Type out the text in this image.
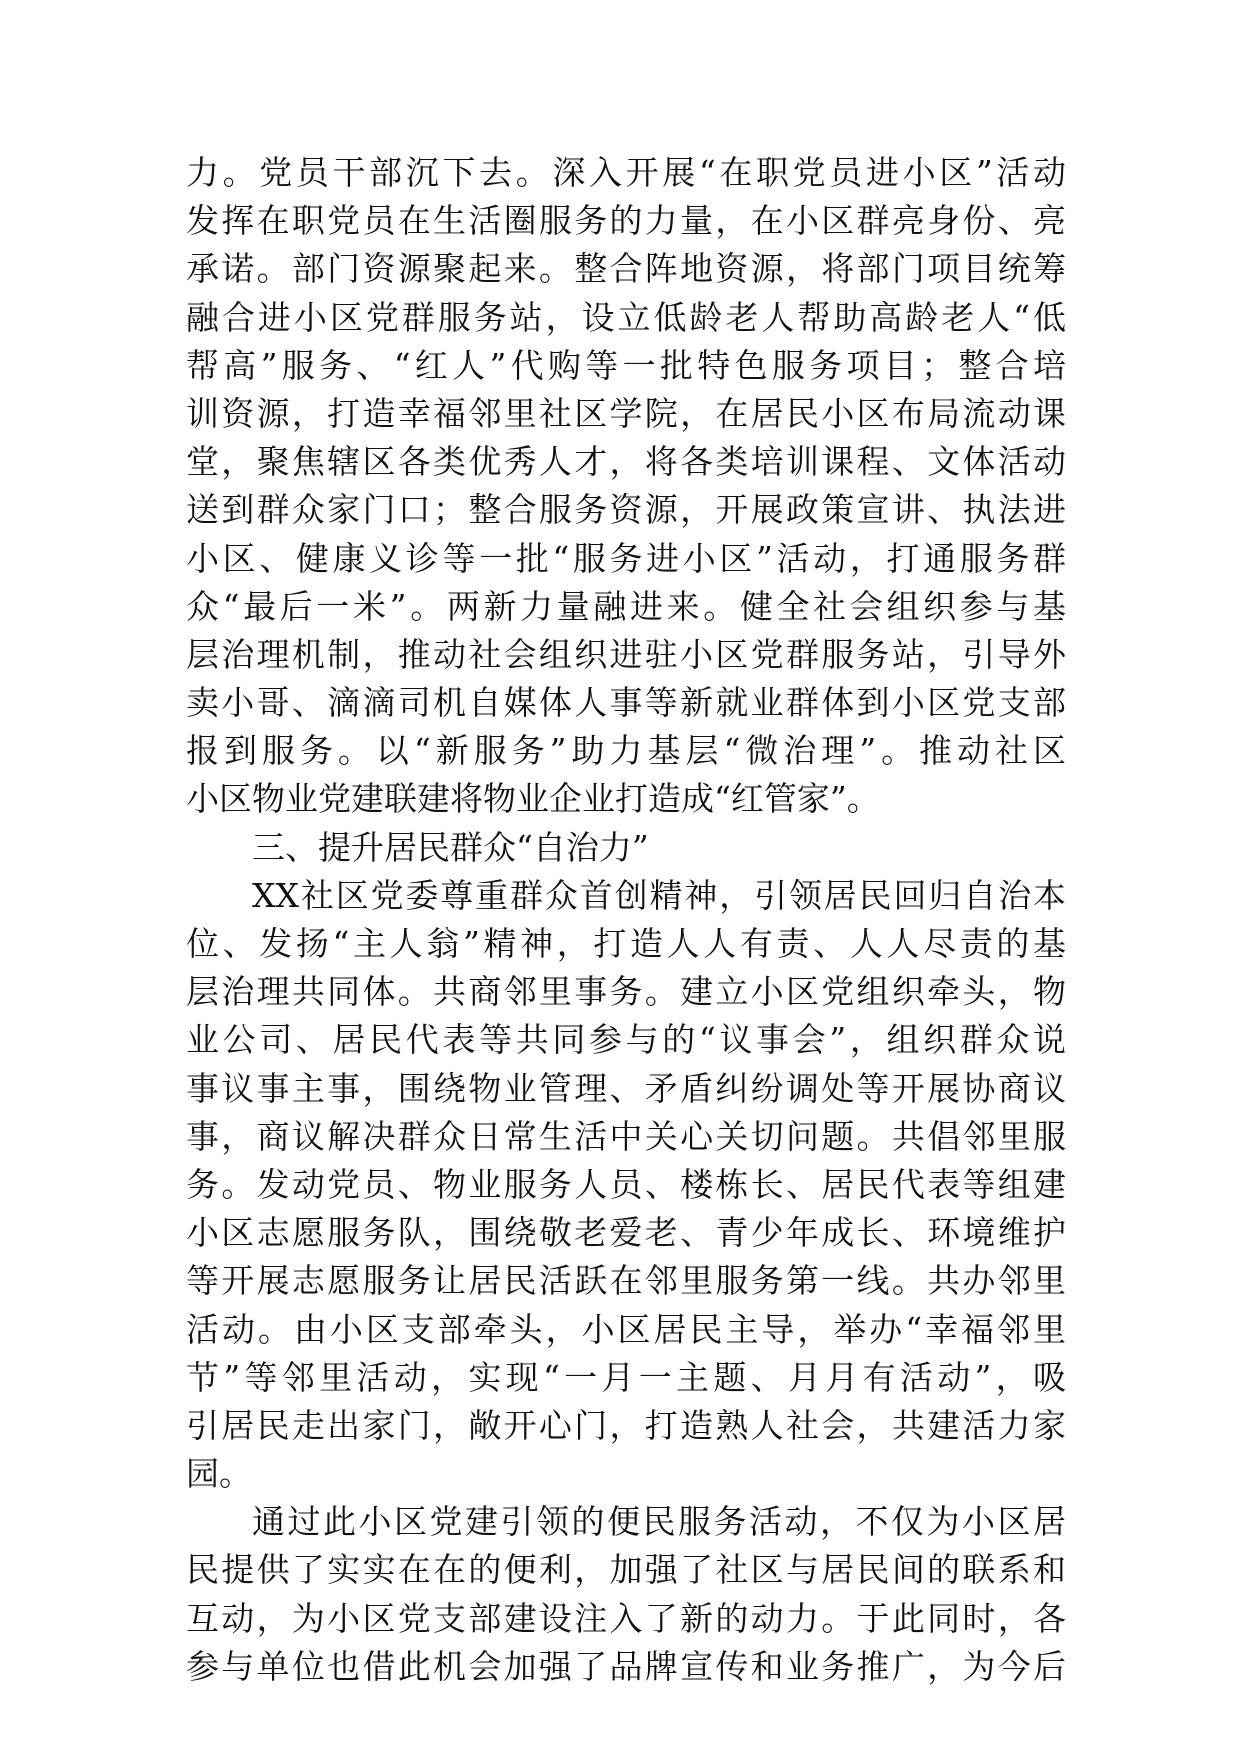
力。党员干部沉下去。深入开展“在职党员进小区”活动
发挥在职党员在生活圈服务的力量，在小区群亮身份、亮
承诺。部门资源聚起来。整合阵地资源，将部门项目统筹
融合进小区党群服务站，设立低龄老人帮助高龄老人“低
帮高”服务、“红人”代购等一批特色服务项目；整合培
训资源，打造幸福邻里社区学院，在居民小区布局流动课
堂，聚焦辖区各类优秀人才，将各类培训课程、文体活动
送到群众家门口；整合服务资源，开展政策宣讲、执法进
小区、健康义诊等一批“服务进小区”活动，打通服务群
众“最后一米”。两新力量融进来。健全社会组织参与基
层治理机制，推动社会组织进驻小区党群服务站，引导外
卖小哥、滴滴司机自媒体人事等新就业群体到小区党支部
报到服务。以“新服务”助力基层“微治理”。推动社区
小区物业党建联建将物业企业打造成“红管家”。
三、提升居民群众“自治力”
XX社区党委尊重群众首创精神，引领居民回归自治本
位、发扬“主人翁”精神，打造人人有责、人人尽责的基
层治理共同体。共商邻里事务。建立小区党组织牵头，物
业公司、居民代表等共同参与的“议事会”，组织群众说
事议事主事，围绕物业管理、矛盾纠纷调处等开展协商议
事，商议解决群众日常生活中关心关切问题。共倡邻里服
务。发动党员、物业服务人员、楼栋长、居民代表等组建
小区志愿服务队，围绕敬老爱老、青少年成长、环境维护
等开展志愿服务让居民活跃在邻里服务第一线。共办邻里
活动。由小区支部牵头，小区居民主导，举办“幸福邻里
节”等邻里活动，实现“一月一主题、月月有活动”，吸
引居民走出家门，敞开心门，打造熟人社会，共建活力家
园。
通过此小区党建引领的便民服务活动，不仅为小区居
民提供了实实在在的便利，加强了社区与居民间的联系和
互动，为小区党支部建设注入了新的动力。于此同时，各
参与单位也借此机会加强了品牌宣传和业务推广，为今后
